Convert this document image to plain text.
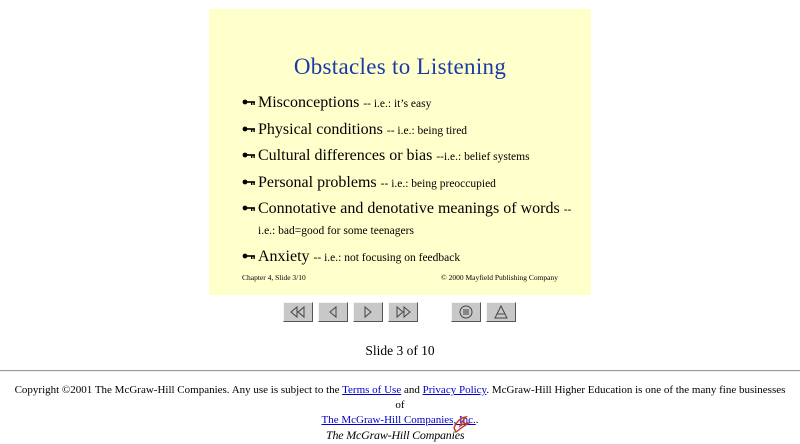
Obstacles to Listening
Misconceptions -- i.e.: it’s easy
Physical conditions -- i.e.: being tired
Cultural differences or bias --i.e.: belief systems
Personal problems -- i.e.: being preoccupied
Connotative and denotative meanings of words -- i.e.: bad=good for some teenagers
Anxiety -- i.e.: not focusing on feedback
Chapter 4, Slide 3/10	© 2000 Mayfield Publishing Company
Slide 3 of 10
Copyright ©2001 The McGraw-Hill Companies. Any use is subject to the Terms of Use and Privacy Policy. McGraw-Hill Higher Education is one of the many fine businesses of
The McGraw-Hill Companies, Inc..
The McGraw-Hill Companies
